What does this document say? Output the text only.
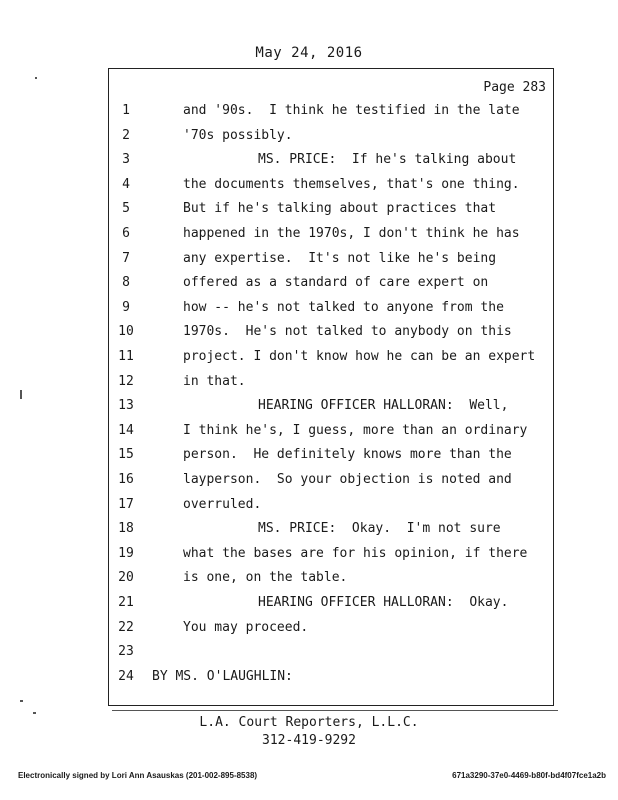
May 24, 2016
Page 283
1	and '90s.  I think he testified in the late
2	'70s possibly.
3	MS. PRICE:  If he's talking about
4	the documents themselves, that's one thing.
5	But if he's talking about practices that
6	happened in the 1970s, I don't think he has
7	any expertise.  It's not like he's being
8	offered as a standard of care expert on
9	how -- he's not talked to anyone from the
10	1970s.  He's not talked to anybody on this
11	project. I don't know how he can be an expert
12	in that.
13	HEARING OFFICER HALLORAN:  Well,
14	I think he's, I guess, more than an ordinary
15	person.  He definitely knows more than the
16	layperson.  So your objection is noted and
17	overruled.
18	MS. PRICE:  Okay.  I'm not sure
19	what the bases are for his opinion, if there
20	is one, on the table.
21	HEARING OFFICER HALLORAN:  Okay.
22	You may proceed.
23
24 BY MS. O'LAUGHLIN:
L.A. Court Reporters, L.L.C.
312-419-9292
Electronically signed by Lori Ann Asauskas (201-002-895-8538)	671a3290-37e0-4469-b80f-bd4f07fce1a2b
